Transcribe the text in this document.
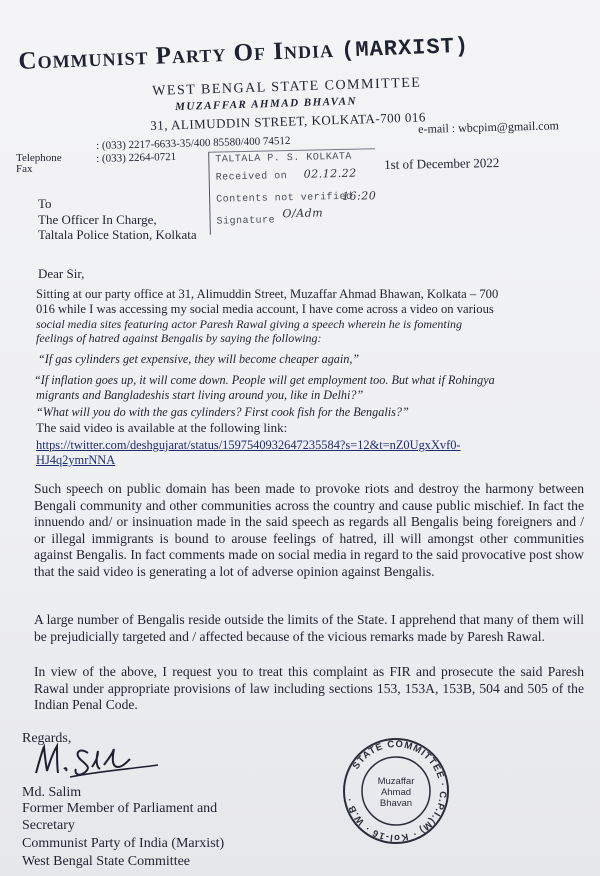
Communist Party Of India (MARXIST)
WEST BENGAL STATE COMMITTEE
MUZAFFAR AHMAD BHAVAN
31, ALIMUDDIN STREET, KOLKATA-700 016
e-mail : wbcpim@gmail.com
Telephone
Fax
: (033) 2217-6633-35/400 85580/400 74512
: (033) 2264-0721	TALTALA P. S. KOLKATA
Received on 02.12.22
Contents not verified
16:20
Signature
O/Adm
1st of December 2022
To
The Officer In Charge,
Taltala Police Station, Kolkata
Dear Sir,
Sitting at our party office at 31, Alimuddin Street, Muzaffar Ahmad Bhawan, Kolkata – 700
016 while I was accessing my social media account, I have come across a video on various
social media sites featuring actor Paresh Rawal giving a speech wherein he is fomenting
feelings of hatred against Bengalis by saying the following:
“If gas cylinders get expensive, they will become cheaper again,”
“If inflation goes up, it will come down. People will get employment too. But what if Rohingya
migrants and Bangladeshis start living around you, like in Delhi?”
“What will you do with the gas cylinders? First cook fish for the Bengalis?”
The said video is available at the following link:
https://twitter.com/deshgujarat/status/1597540932647235584?s=12&t=nZ0UgxXvf0-
HJ4q2ymrNNA
Such speech on public domain has been made to provoke riots and destroy the harmony between Bengali community and other communities across the country and cause public mischief. In fact the innuendo and/ or insinuation made in the said speech as regards all Bengalis being foreigners and / or illegal immigrants is bound to arouse feelings of hatred, ill will amongst other communities against Bengalis. In fact comments made on social media in regard to the said provocative post show that the said video is generating a lot of adverse opinion against Bengalis.
A large number of Bengalis reside outside the limits of the State. I apprehend that many of them will be prejudicially targeted and / affected because of the vicious remarks made by Paresh Rawal.
In view of the above, I request you to treat this complaint as FIR and prosecute the said Paresh Rawal under appropriate provisions of law including sections 153, 153A, 153B, 504 and 505 of the Indian Penal Code.
Regards,
Md. Salim
Former Member of Parliament and
Secretary
Communist Party of India (Marxist)
West Bengal State Committee
STATE COMMITTEE · C.P.I.(M) · Kol-16 · W.B ·
Muzaffar
Ahmad
Bhavan
